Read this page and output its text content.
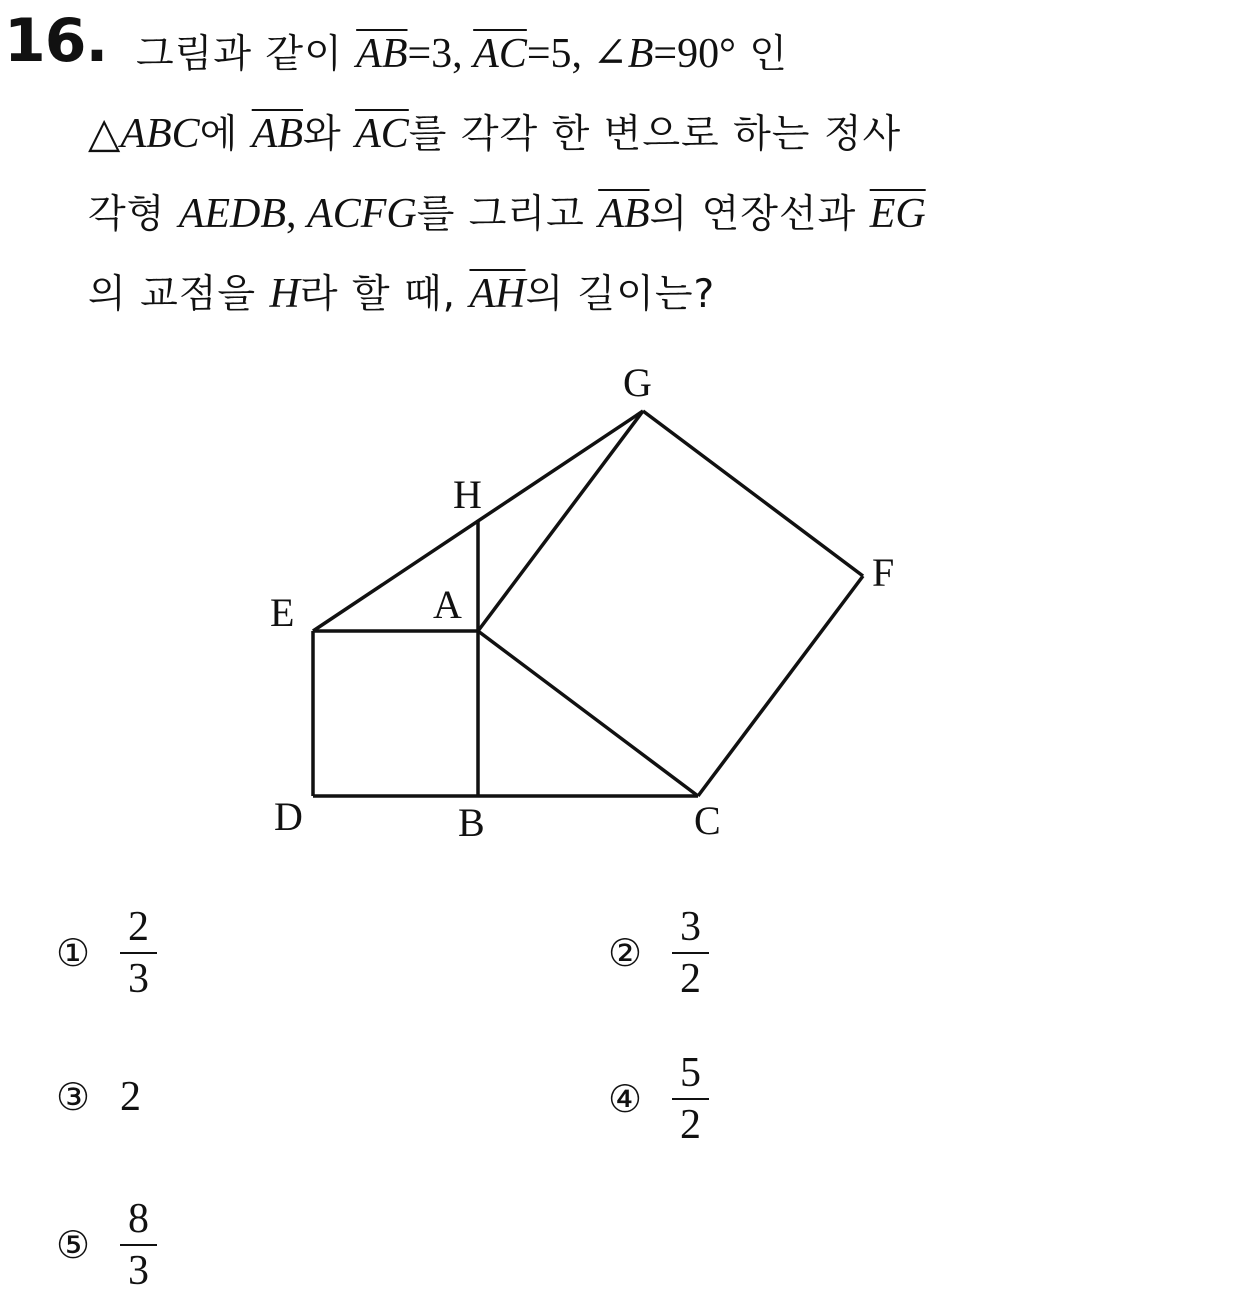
16. 그림과 같이 $\overline{AB}=3$, $\overline{AC}=5$, ∠B=90° 인
△ABC에 $\overline{AB}$와 $\overline{AC}$를 각각 한 변으로 하는 정사
각형 AEDB, ACFG를 그리고 $\overline{AB}$의 연장선과 $\overline{EG}$
의 교점을 H라 할 때, $\overline{AH}$의 길이는?
G
H
F
E	A
D	B	C
① $\frac{2}{3}$	② $\frac{3}{2}$
③ 2	④ $\frac{5}{2}$
⑤ $\frac{8}{3}$
